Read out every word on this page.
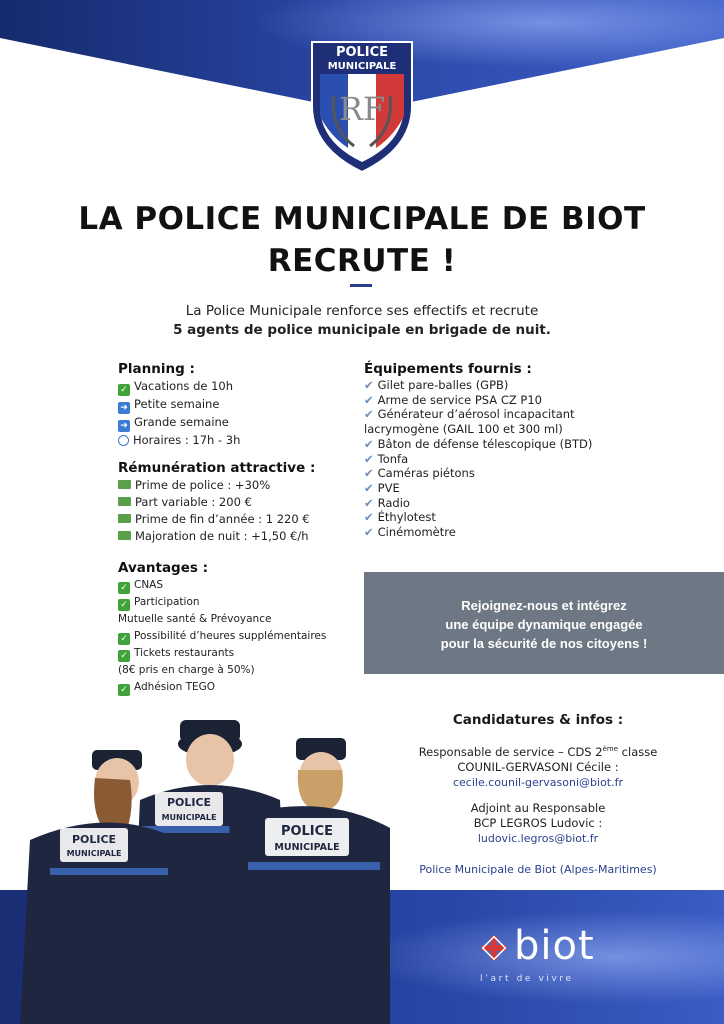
POLICE
MUNICIPALE
RF
LA POLICE MUNICIPALE DE BIOT
RECRUTE !
La Police Municipale renforce ses effectifs et recrute
5 agents de police municipale en brigade de nuit.
Planning :
✓ Vacations de 10h
➜ Petite semaine
➜ Grande semaine
Horaires : 17h - 3h
Rémunération attractive :
Prime de police : +30%
Part variable : 200 €
Prime de fin d’année : 1 220 €
Majoration de nuit : +1,50 €/h
Avantages :
✓ CNAS
✓ Participation
Mutuelle santé & Prévoyance
✓ Possibilité d’heures supplémentaires
✓ Tickets restaurants
(8€ pris en charge à 50%)
✓ Adhésion TEGO
Équipements fournis :
✔ Gilet pare-balles (GPB)
✔ Arme de service PSA CZ P10
✔ Générateur d’aérosol incapacitant
lacrymogène (GAIL 100 et 300 ml)
✔ Bâton de défense télescopique (BTD)
✔ Tonfa
✔ Caméras piétons
✔ PVE
✔ Radio
✔ Éthylotest
✔ Cinémomètre
Rejoignez-nous et intégrez
une équipe dynamique engagée
pour la sécurité de nos citoyens !
Candidatures & infos :
Responsable de service – CDS 2ème classe
COUNIL-GERVASONI Cécile :
cecile.counil-gervasoni@biot.fr
Adjoint au Responsable
BCP LEGROS Ludovic :
ludovic.legros@biot.fr
Police Municipale de Biot (Alpes-Maritimes)
POLICE
MUNICIPALE
POLICE
MUNICIPALE
POLICE
MUNICIPALE
biot
l’art de vivre
